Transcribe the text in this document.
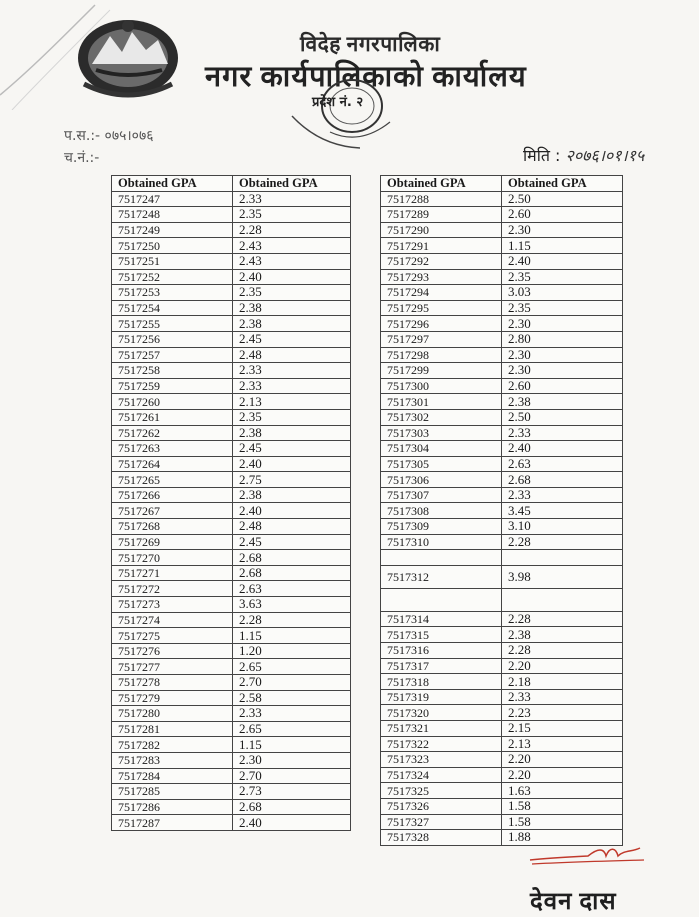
विदेह नगरपालिका
नगर कार्यपालिकाको कार्यालय
प्रदेश नं. २
प.स.:- ०७५।०७६
च.नं.:-	मिति : २०७६।०१।१५
Obtained GPA	Obtained GPA
7517247	2.33
7517248	2.35
7517249	2.28
7517250	2.43
7517251	2.43
7517252	2.40
7517253	2.35
7517254	2.38
7517255	2.38
7517256	2.45
7517257	2.48
7517258	2.33
7517259	2.33
7517260	2.13
7517261	2.35
7517262	2.38
7517263	2.45
7517264	2.40
7517265	2.75
7517266	2.38
7517267	2.40
7517268	2.48
7517269	2.45
7517270	2.68
7517271	2.68
7517272	2.63
7517273	3.63
7517274	2.28
7517275	1.15
7517276	1.20
7517277	2.65
7517278	2.70
7517279	2.58
7517280	2.33
7517281	2.65
7517282	1.15
7517283	2.30
7517284	2.70
7517285	2.73
7517286	2.68
7517287	2.40
Obtained GPA	Obtained GPA
7517288	2.50
7517289	2.60
7517290	2.30
7517291	1.15
7517292	2.40
7517293	2.35
7517294	3.03
7517295	2.35
7517296	2.30
7517297	2.80
7517298	2.30
7517299	2.30
7517300	2.60
7517301	2.38
7517302	2.50
7517303	2.33
7517304	2.40
7517305	2.63
7517306	2.68
7517307	2.33
7517308	3.45
7517309	3.10
7517310	2.28

7517312	3.98

7517314	2.28
7517315	2.38
7517316	2.28
7517317	2.20
7517318	2.18
7517319	2.33
7517320	2.23
7517321	2.15
7517322	2.13
7517323	2.20
7517324	2.20
7517325	1.63
7517326	1.58
7517327	1.58
7517328	1.88
देवन दास
